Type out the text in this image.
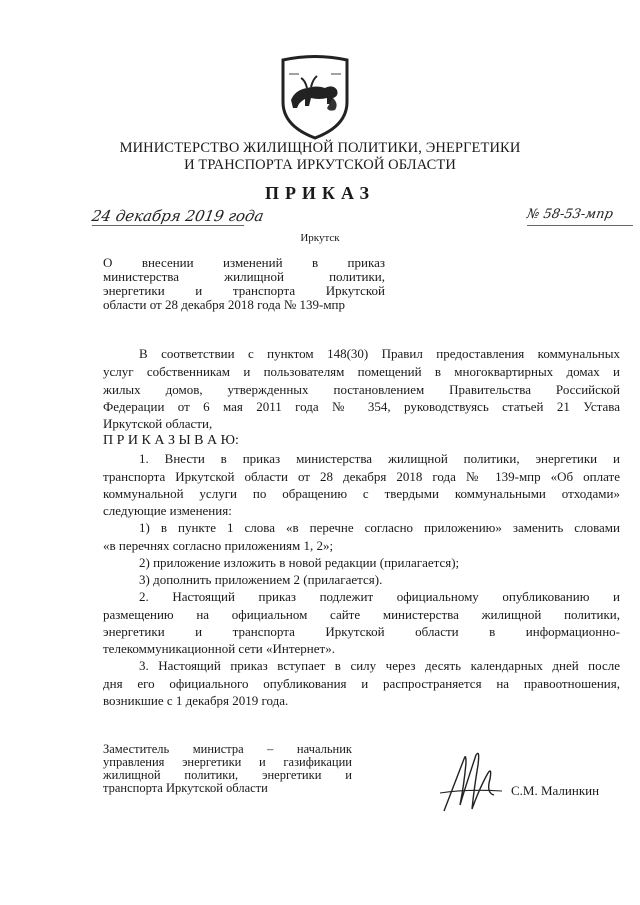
МИНИСТЕРСТВО ЖИЛИЩНОЙ ПОЛИТИКИ, ЭНЕРГЕТИКИ
И ТРАНСПОРТА ИРКУТСКОЙ ОБЛАСТИ
ПРИКАЗ
24 декабря 2019 года	№ 58-53-мпр
Иркутск
О внесении изменений в приказ
министерства жилищной политики,
энергетики и транспорта Иркутской
области от 28 декабря 2018 года № 139-мпр
В соответствии с пунктом 148(30) Правил предоставления коммунальных
услуг собственникам и пользователям помещений в многоквартирных домах и
жилых домов, утвержденных постановлением Правительства Российской
Федерации от 6 мая 2011 года № 354, руководствуясь статьей 21 Устава
Иркутской области,
П Р И К А З Ы В А Ю:
1. Внести в приказ министерства жилищной политики, энергетики и
транспорта Иркутской области от 28 декабря 2018 года № 139-мпр «Об оплате
коммунальной услуги по обращению с твердыми коммунальными отходами»
следующие изменения:
1) в пункте 1 слова «в перечне согласно приложению» заменить словами
«в перечнях согласно приложениям 1, 2»;
2) приложение изложить в новой редакции (прилагается);
3) дополнить приложением 2 (прилагается).
2. Настоящий приказ подлежит официальному опубликованию и
размещению на официальном сайте министерства жилищной политики,
энергетики и транспорта Иркутской области в информационно-
телекоммуникационной сети «Интернет».
3. Настоящий приказ вступает в силу через десять календарных дней после
дня его официального опубликования и распространяется на правоотношения,
возникшие с 1 декабря 2019 года.
Заместитель министра – начальник
управления энергетики и газификации
жилищной политики, энергетики и
транспорта Иркутской области	С.М. Малинкин
